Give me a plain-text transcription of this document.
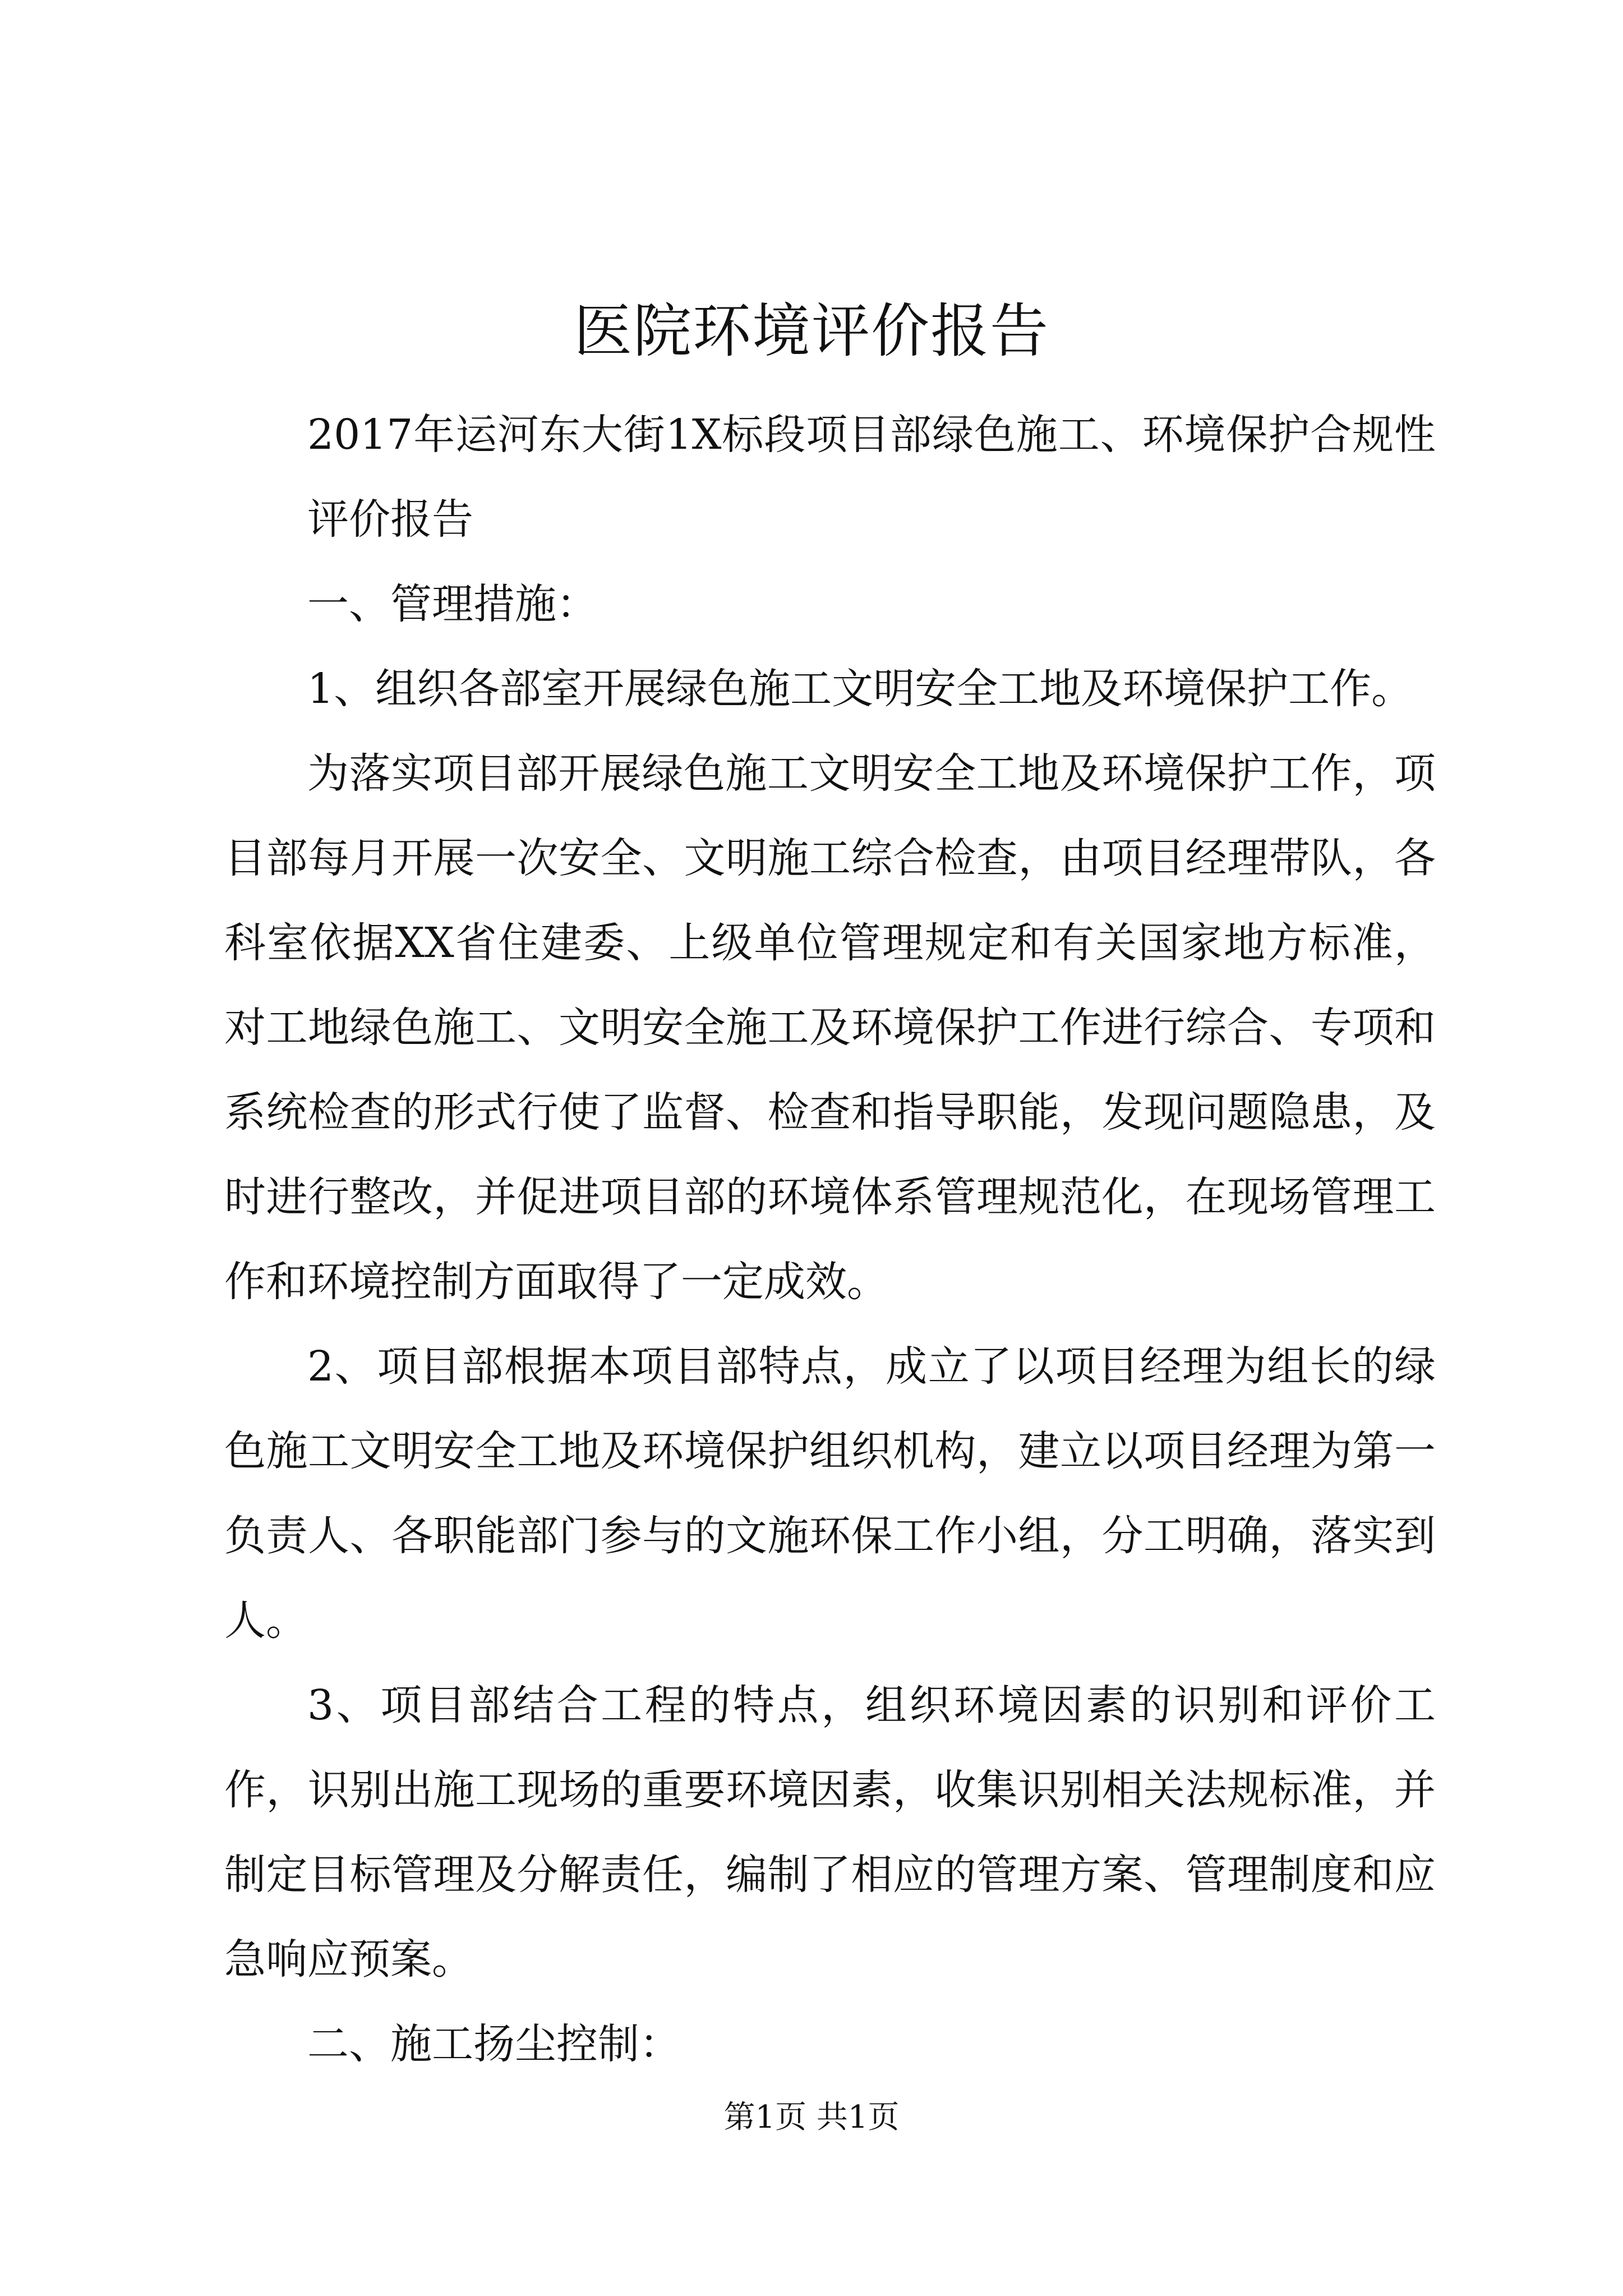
医院环境评价报告

2017年运河东大街1X标段项目部绿色施工、环境保护合规性评价报告

一、管理措施：

1、组织各部室开展绿色施工文明安全工地及环境保护工作。

为落实项目部开展绿色施工文明安全工地及环境保护工作，项目部每月开展一次安全、文明施工综合检查，由项目经理带队，各科室依据XX省住建委、上级单位管理规定和有关国家地方标准，对工地绿色施工、文明安全施工及环境保护工作进行综合、专项和系统检查的形式行使了监督、检查和指导职能，发现问题隐患，及时进行整改，并促进项目部的环境体系管理规范化，在现场管理工作和环境控制方面取得了一定成效。

2、项目部根据本项目部特点，成立了以项目经理为组长的绿色施工文明安全工地及环境保护组织机构，建立以项目经理为第一负责人、各职能部门参与的文施环保工作小组，分工明确，落实到人。

3、项目部结合工程的特点，组织环境因素的识别和评价工作，识别出施工现场的重要环境因素，收集识别相关法规标准，并制定目标管理及分解责任，编制了相应的管理方案、管理制度和应急响应预案。

二、施工扬尘控制：

第1页 共1页
